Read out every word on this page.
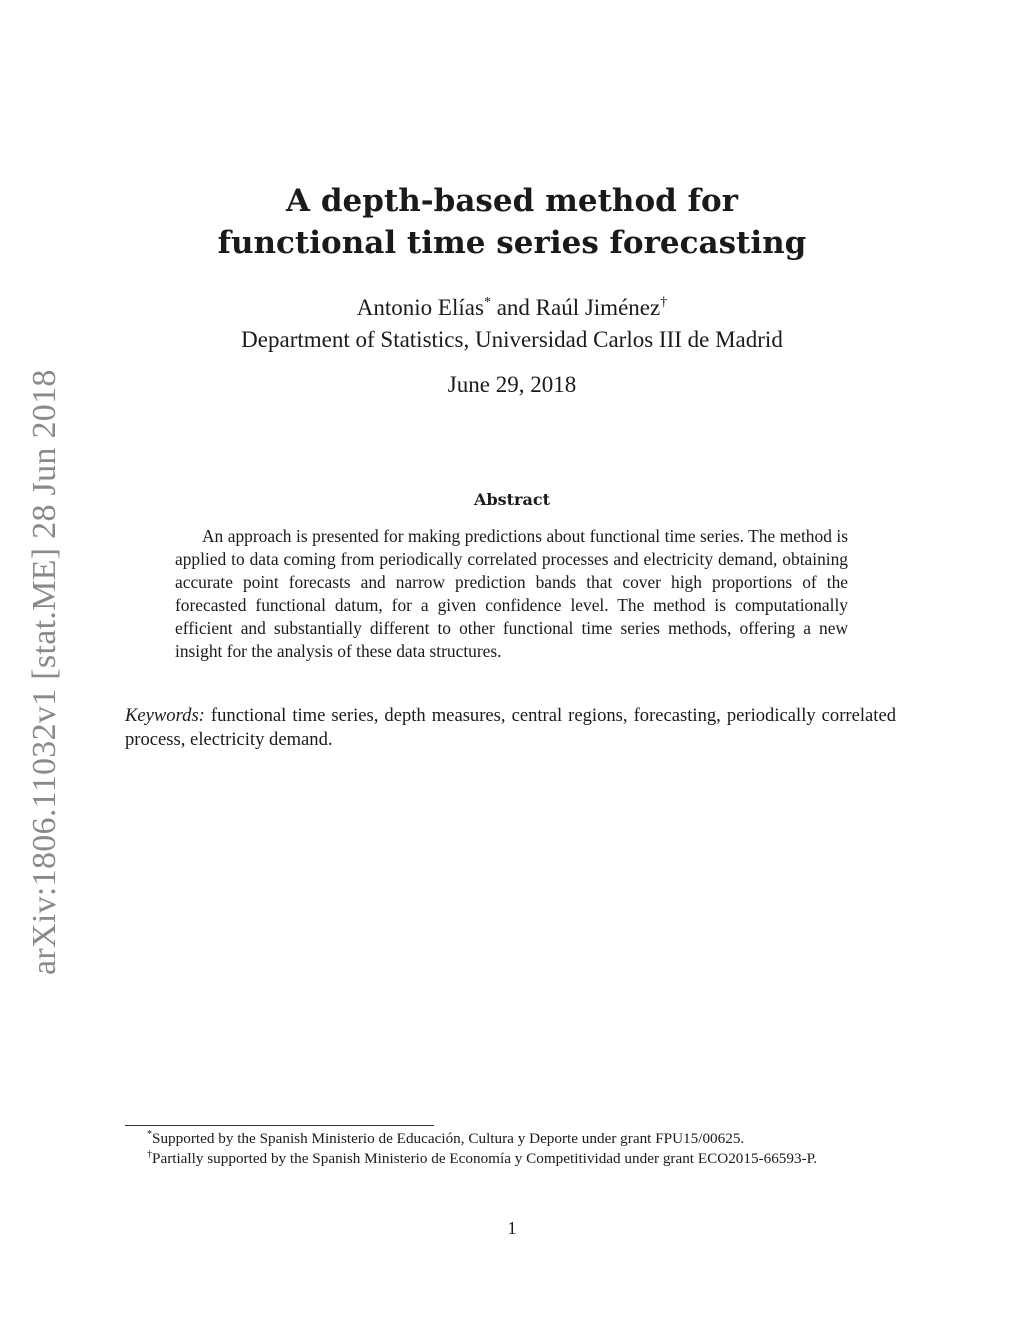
arXiv:1806.11032v1 [stat.ME] 28 Jun 2018
A depth-based method for
functional time series forecasting
Antonio Elías* and Raúl Jiménez†
Department of Statistics, Universidad Carlos III de Madrid
June 29, 2018
Abstract
An approach is presented for making predictions about functional time series. The method is applied to data coming from periodically correlated processes and electricity demand, obtaining accurate point forecasts and narrow prediction bands that cover high proportions of the forecasted functional datum, for a given confidence level. The method is computationally efficient and substantially different to other functional time series methods, offering a new insight for the analysis of these data structures.
Keywords: functional time series, depth measures, central regions, forecasting, periodically correlated process, electricity demand.
*Supported by the Spanish Ministerio de Educación, Cultura y Deporte under grant FPU15/00625.
†Partially supported by the Spanish Ministerio de Economía y Competitividad under grant ECO2015-66593-P.
1
